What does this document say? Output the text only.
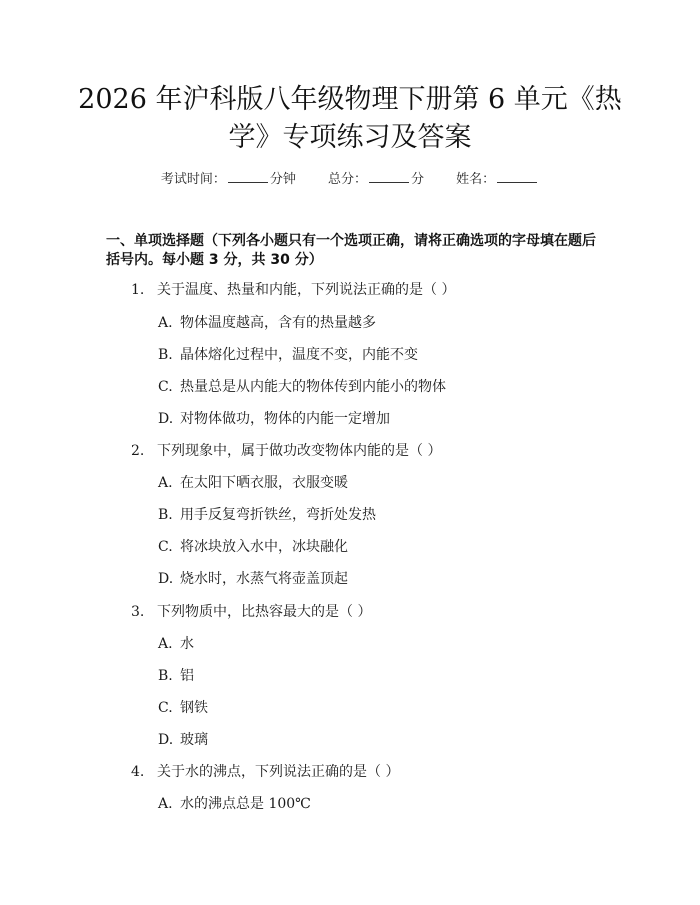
2026 年沪科版八年级物理下册第 6 单元《热
学》专项练习及答案
考试时间：	分钟 总分：	分 姓名：
一、单项选择题（下列各小题只有一个选项正确，请将正确选项的字母填在题后
括号内。每小题 3 分，共 30 分）
1. 关于温度、热量和内能，下列说法正确的是（ ）
A. 物体温度越高，含有的热量越多
B. 晶体熔化过程中，温度不变，内能不变
C. 热量总是从内能大的物体传到内能小的物体
D. 对物体做功，物体的内能一定增加
2. 下列现象中，属于做功改变物体内能的是（ ）
A. 在太阳下晒衣服，衣服变暖
B. 用手反复弯折铁丝，弯折处发热
C. 将冰块放入水中，冰块融化
D. 烧水时，水蒸气将壶盖顶起
3. 下列物质中，比热容最大的是（ ）
A. 水
B. 铝
C. 钢铁
D. 玻璃
4. 关于水的沸点，下列说法正确的是（ ）
A. 水的沸点总是 100℃
